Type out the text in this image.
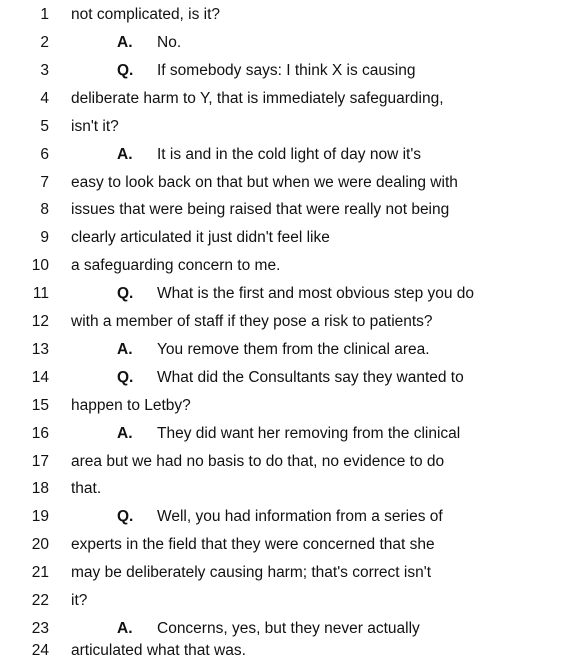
1 not complicated, is it?
2	A. No.
3	Q. If somebody says: I think X is causing
4 deliberate harm to Y, that is immediately safeguarding,
5 isn't it?
6	A. It is and in the cold light of day now it's
7 easy to look back on that but when we were dealing with
8 issues that were being raised that were really not being
9 clearly articulated it just didn't feel like
10 a safeguarding concern to me.
11	Q. What is the first and most obvious step you do
12 with a member of staff if they pose a risk to patients?
13	A. You remove them from the clinical area.
14	Q. What did the Consultants say they wanted to
15 happen to Letby?
16	A. They did want her removing from the clinical
17 area but we had no basis to do that, no evidence to do
18 that.
19	Q. Well, you had information from a series of
20 experts in the field that they were concerned that she
21 may be deliberately causing harm; that's correct isn't
22 it?
23	A. Concerns, yes, but they never actually
24 articulated what that was.
